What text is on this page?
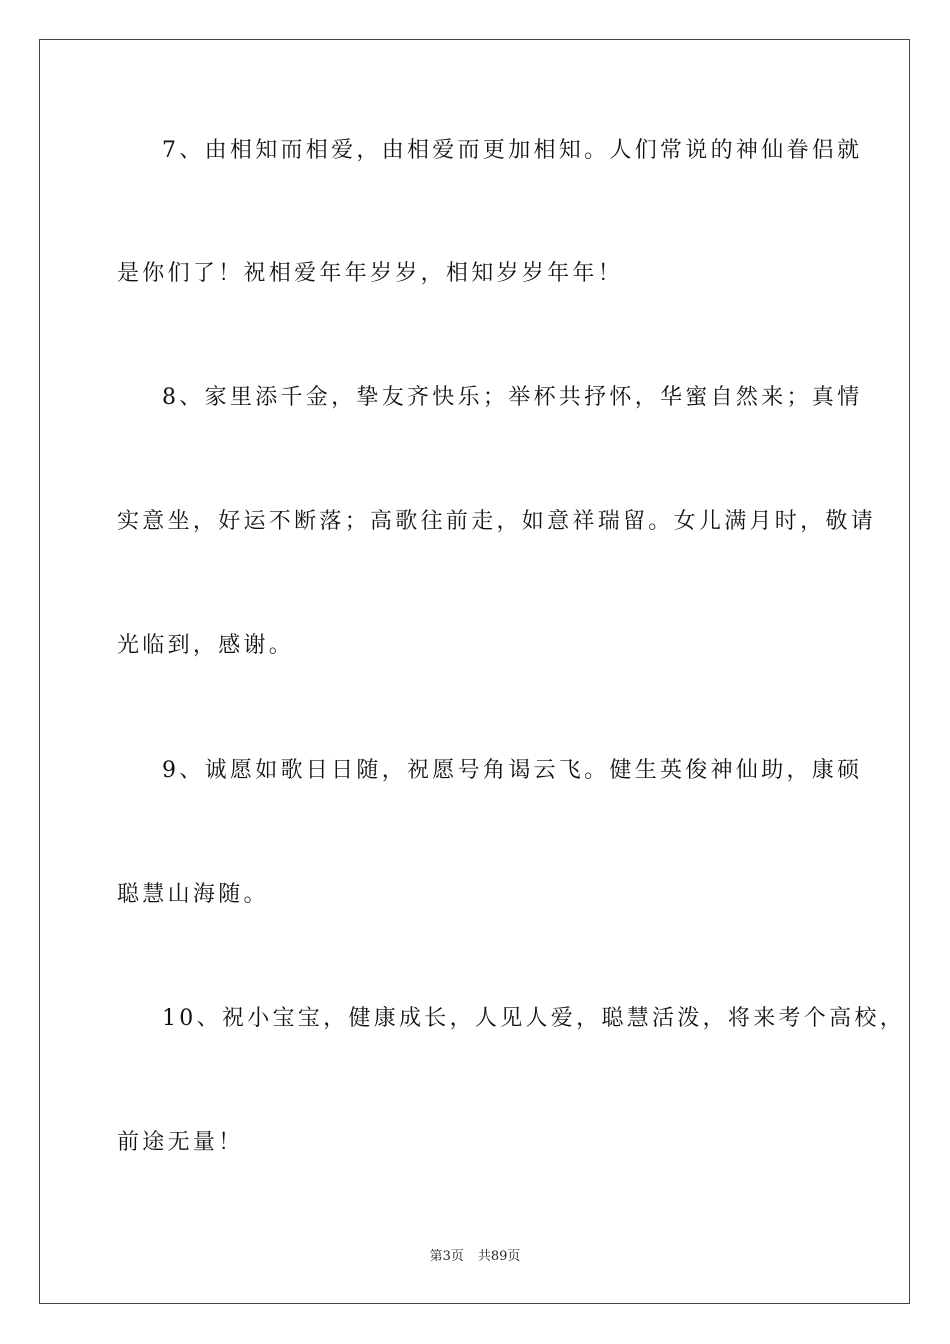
7、由相知而相爱，由相爱而更加相知。人们常说的神仙眷侣就
是你们了！祝相爱年年岁岁，相知岁岁年年！
8、家里添千金，挚友齐快乐；举杯共抒怀，华蜜自然来；真情
实意坐，好运不断落；高歌往前走，如意祥瑞留。女儿满月时，敬请
光临到，感谢。
9、诚愿如歌日日随，祝愿号角谒云飞。健生英俊神仙助，康硕
聪慧山海随。
10、祝小宝宝，健康成长，人见人爱，聪慧活泼，将来考个高校，
前途无量！
第3页 共89页
